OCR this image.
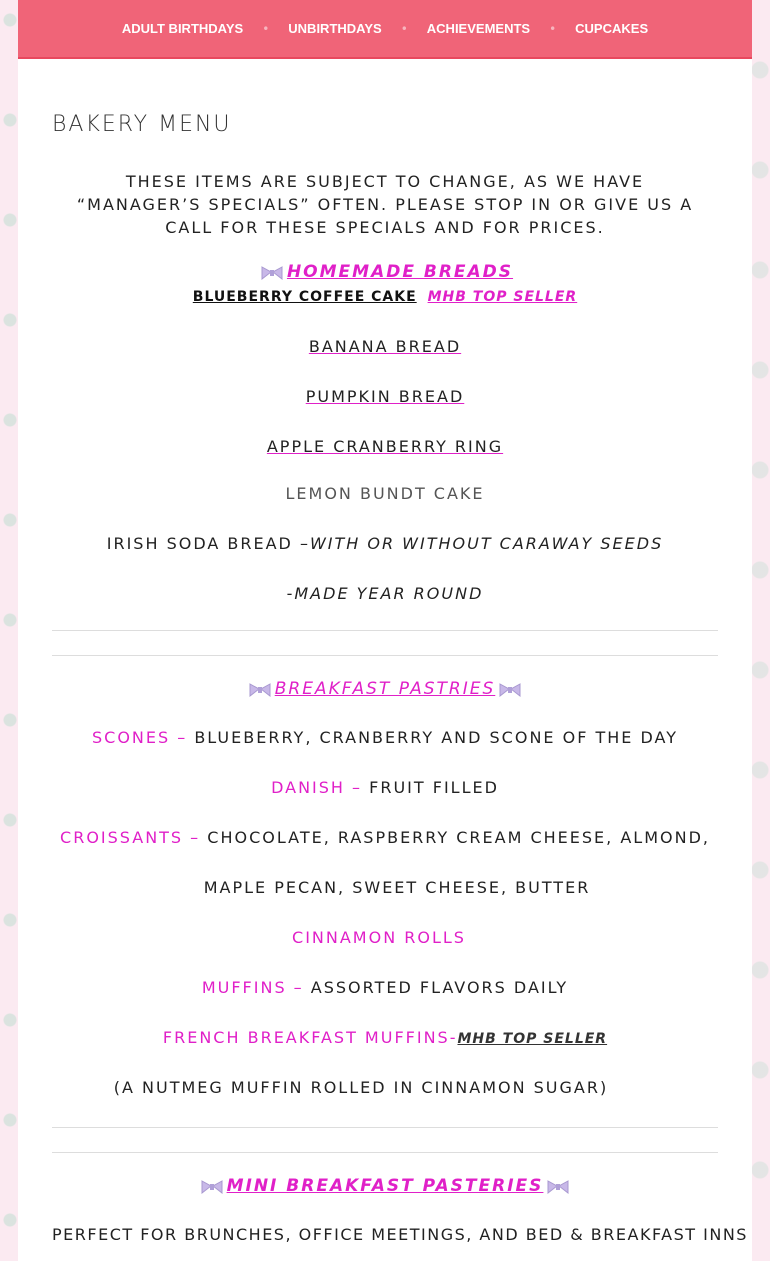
ADULT BIRTHDAYS • UNBIRTHDAYS • ACHIEVEMENTS • CUPCAKES
BAKERY MENU
THESE ITEMS ARE SUBJECT TO CHANGE, AS WE HAVE “MANAGER’S SPECIALS” OFTEN. PLEASE STOP IN OR GIVE US A CALL FOR THESE SPECIALS AND FOR PRICES.
HOMEMADE BREADS
BLUEBERRY COFFEE CAKE MHB TOP SELLER
BANANA BREAD
PUMPKIN BREAD
APPLE CRANBERRY RING
LEMON BUNDT CAKE
IRISH SODA BREAD –WITH OR WITHOUT CARAWAY SEEDS
-MADE YEAR ROUND
BREAKFAST PASTRIES
SCONES – BLUEBERRY, CRANBERRY AND SCONE OF THE DAY
DANISH – FRUIT FILLED
CROISSANTS – CHOCOLATE, RASPBERRY CREAM CHEESE, ALMOND,
MAPLE PECAN, SWEET CHEESE, BUTTER
CINNAMON ROLLS
MUFFINS – ASSORTED FLAVORS DAILY
FRENCH BREAKFAST MUFFINS-MHB TOP SELLER
(A NUTMEG MUFFIN ROLLED IN CINNAMON SUGAR)
MINI BREAKFAST PASTERIES
PERFECT FOR BRUNCHES, OFFICE MEETINGS, AND BED & BREAKFAST INNS
